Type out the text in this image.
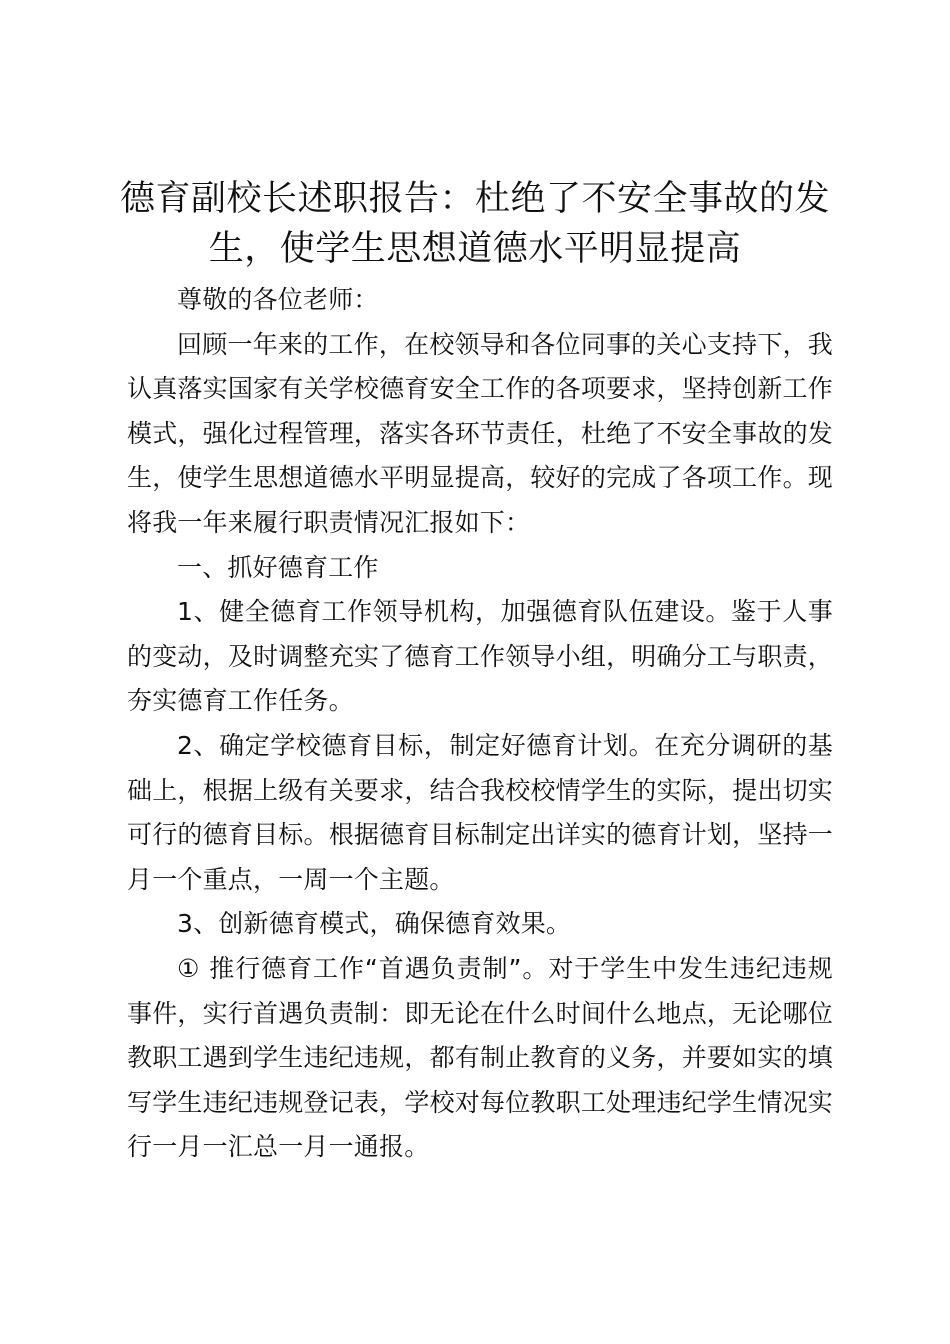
德育副校长述职报告：杜绝了不安全事故的发生，使学生思想道德水平明显提高

尊敬的各位老师：

回顾一年来的工作，在校领导和各位同事的关心支持下，我认真落实国家有关学校德育安全工作的各项要求，坚持创新工作模式，强化过程管理，落实各环节责任，杜绝了不安全事故的发生，使学生思想道德水平明显提高，较好的完成了各项工作。现将我一年来履行职责情况汇报如下：

一、抓好德育工作

1、健全德育工作领导机构，加强德育队伍建设。鉴于人事的变动，及时调整充实了德育工作领导小组，明确分工与职责，夯实德育工作任务。

2、确定学校德育目标，制定好德育计划。在充分调研的基础上，根据上级有关要求，结合我校校情学生的实际，提出切实可行的德育目标。根据德育目标制定出详实的德育计划，坚持一月一个重点，一周一个主题。

3、创新德育模式，确保德育效果。

① 推行德育工作“首遇负责制”。对于学生中发生违纪违规事件，实行首遇负责制：即无论在什么时间什么地点，无论哪位教职工遇到学生违纪违规，都有制止教育的义务，并要如实的填写学生违纪违规登记表，学校对每位教职工处理违纪学生情况实行一月一汇总一月一通报。
